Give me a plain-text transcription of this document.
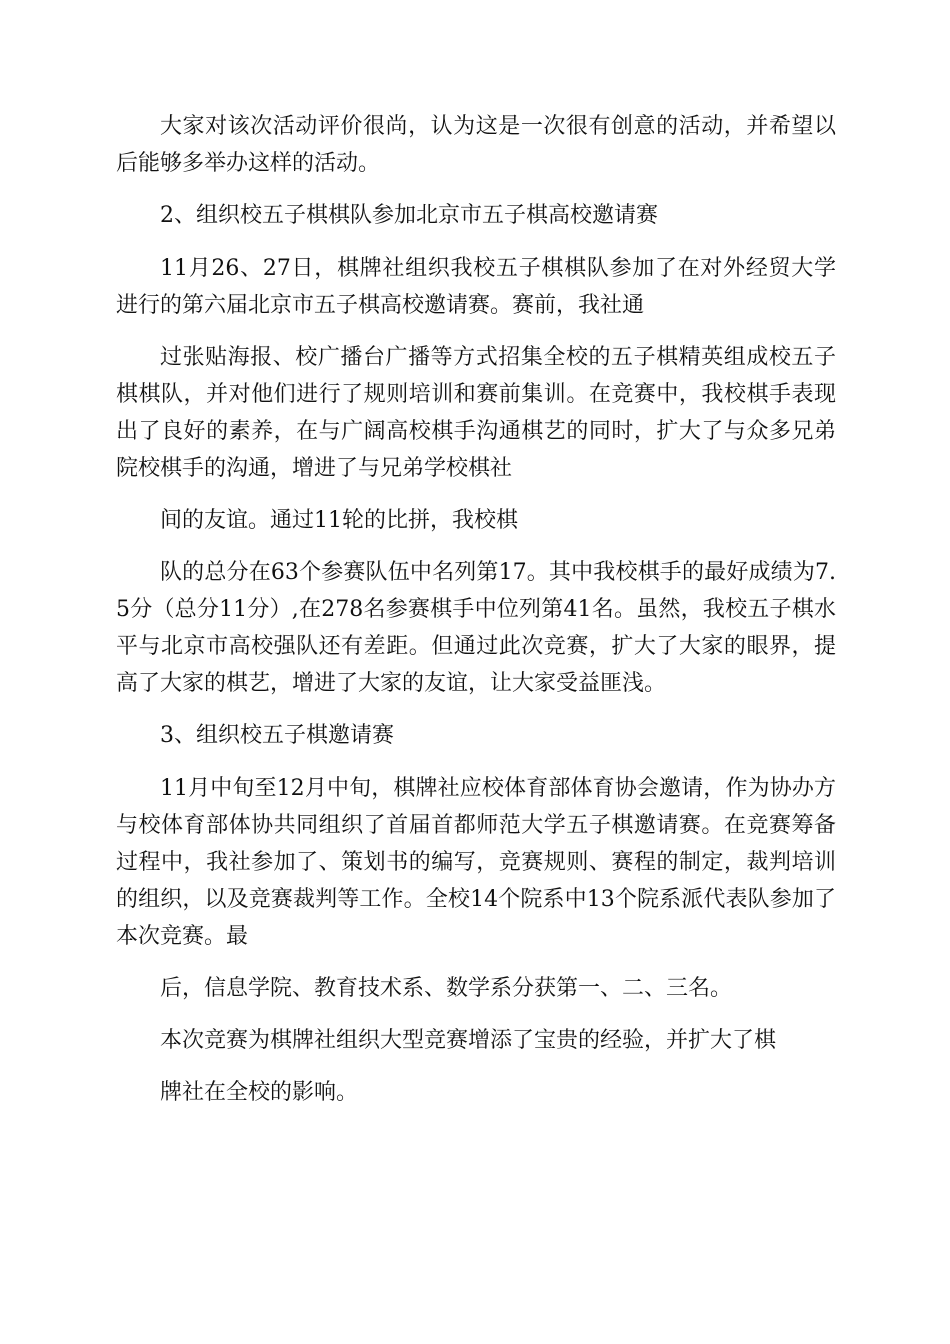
大家对该次活动评价很尚，认为这是一次很有创意的活动，并希望以后能够多举办这样的活动。

2、组织校五子棋棋队参加北京市五子棋高校邀请赛

11月26、27日，棋牌社组织我校五子棋棋队参加了在对外经贸大学进行的第六届北京市五子棋高校邀请赛。赛前，我社通

过张贴海报、校广播台广播等方式招集全校的五子棋精英组成校五子棋棋队，并对他们进行了规则培训和赛前集训。在竞赛中，我校棋手表现出了良好的素养，在与广阔高校棋手沟通棋艺的同时，扩大了与众多兄弟院校棋手的沟通，增进了与兄弟学校棋社

间的友谊。通过11轮的比拼，我校棋

队的总分在63个参赛队伍中名列第17。其中我校棋手的最好成绩为7.5分（总分11分）,在278名参赛棋手中位列第41名。虽然，我校五子棋水平与北京市高校强队还有差距。但通过此次竞赛，扩大了大家的眼界，提高了大家的棋艺，增进了大家的友谊，让大家受益匪浅。

3、组织校五子棋邀请赛

11月中旬至12月中旬，棋牌社应校体育部体育协会邀请，作为协办方与校体育部体协共同组织了首届首都师范大学五子棋邀请赛。在竞赛筹备过程中，我社参加了、策划书的编写，竞赛规则、赛程的制定，裁判培训的组织，以及竞赛裁判等工作。全校14个院系中13个院系派代表队参加了本次竞赛。最

后，信息学院、教育技术系、数学系分获第一、二、三名。

本次竞赛为棋牌社组织大型竞赛增添了宝贵的经验，并扩大了棋

牌社在全校的影响。
